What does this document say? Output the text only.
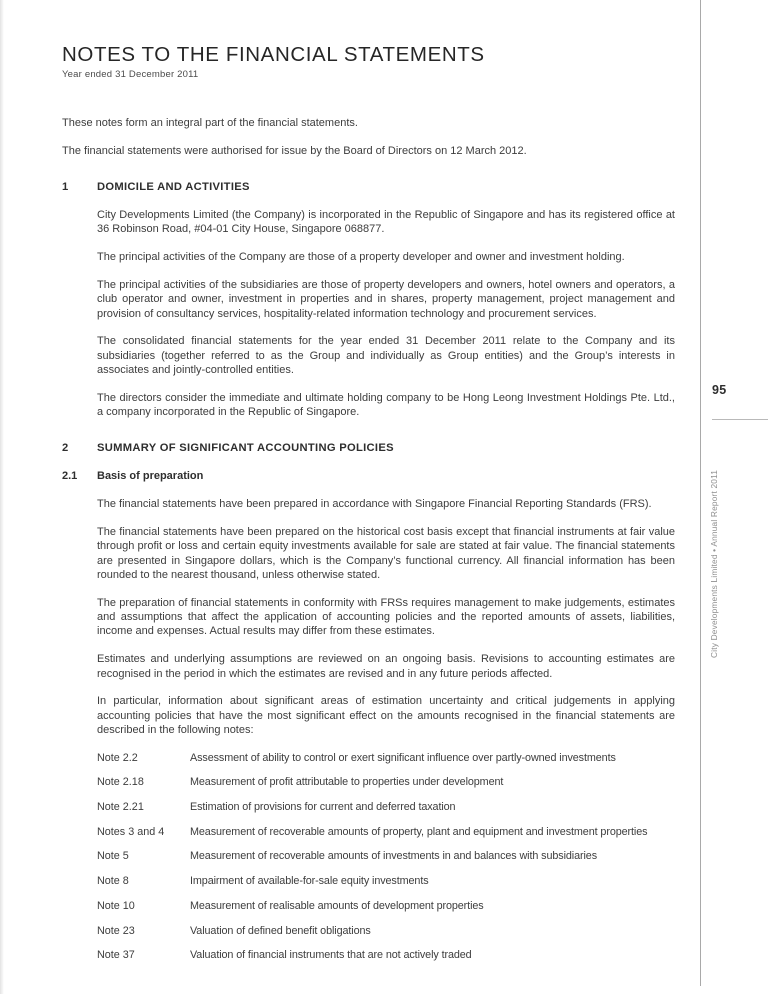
NOTES TO THE FINANCIAL STATEMENTS
Year ended 31 December 2011

These notes form an integral part of the financial statements.

The financial statements were authorised for issue by the Board of Directors on 12 March 2012.

1	DOMICILE AND ACTIVITIES

City Developments Limited (the Company) is incorporated in the Republic of Singapore and has its registered office at 36 Robinson Road, #04-01 City House, Singapore 068877.

The principal activities of the Company are those of a property developer and owner and investment holding.

The principal activities of the subsidiaries are those of property developers and owners, hotel owners and operators, a club operator and owner, investment in properties and in shares, property management, project management and provision of consultancy services, hospitality-related information technology and procurement services.

The consolidated financial statements for the year ended 31 December 2011 relate to the Company and its subsidiaries (together referred to as the Group and individually as Group entities) and the Group’s interests in associates and jointly-controlled entities.

The directors consider the immediate and ultimate holding company to be Hong Leong Investment Holdings Pte. Ltd., a company incorporated in the Republic of Singapore.

2	SUMMARY OF SIGNIFICANT ACCOUNTING POLICIES
2.1	Basis of preparation

The financial statements have been prepared in accordance with Singapore Financial Reporting Standards (FRS).

The financial statements have been prepared on the historical cost basis except that financial instruments at fair value through profit or loss and certain equity investments available for sale are stated at fair value. The financial statements are presented in Singapore dollars, which is the Company’s functional currency. All financial information has been rounded to the nearest thousand, unless otherwise stated.

The preparation of financial statements in conformity with FRSs requires management to make judgements, estimates and assumptions that affect the application of accounting policies and the reported amounts of assets, liabilities, income and expenses. Actual results may differ from these estimates.

Estimates and underlying assumptions are reviewed on an ongoing basis. Revisions to accounting estimates are recognised in the period in which the estimates are revised and in any future periods affected.

In particular, information about significant areas of estimation uncertainty and critical judgements in applying accounting policies that have the most significant effect on the amounts recognised in the financial statements are described in the following notes:

Note 2.2	Assessment of ability to control or exert significant influence over partly-owned investments
Note 2.18	Measurement of profit attributable to properties under development
Note 2.21	Estimation of provisions for current and deferred taxation
Notes 3 and 4	Measurement of recoverable amounts of property, plant and equipment and investment properties
Note 5	Measurement of recoverable amounts of investments in and balances with subsidiaries
Note 8	Impairment of available-for-sale equity investments
Note 10	Measurement of realisable amounts of development properties
Note 23	Valuation of defined benefit obligations
Note 37	Valuation of financial instruments that are not actively traded
95
City Developments Limited • Annual Report 2011
